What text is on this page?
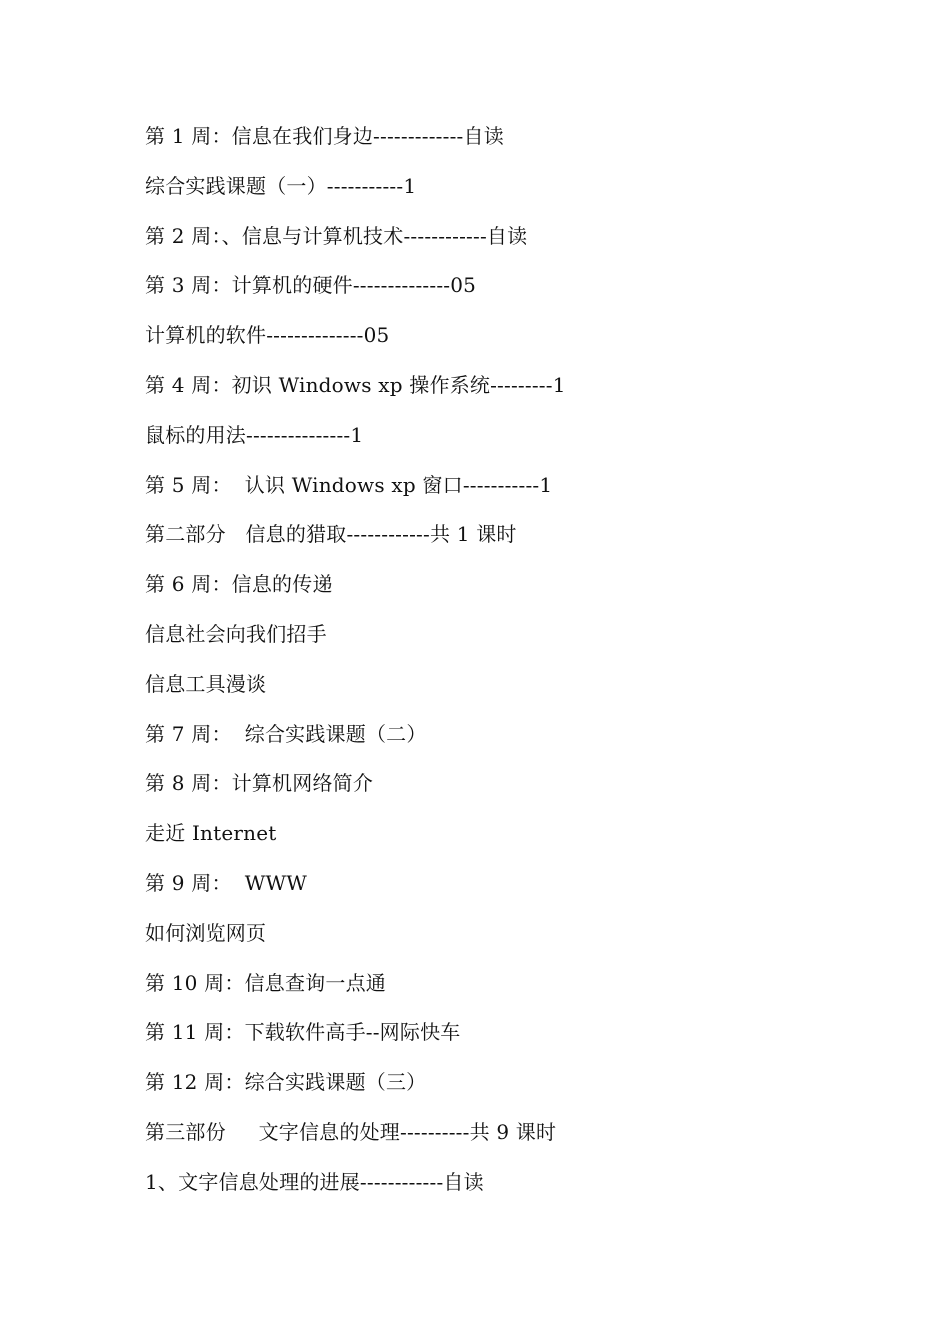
第 1 周：信息在我们身边-------------自读
综合实践课题（一）-----------1
第 2 周：、信息与计算机技术------------自读
第 3 周：计算机的硬件--------------05
计算机的软件--------------05
第 4 周：初识 Windows xp 操作系统---------1
鼠标的用法---------------1
第 5 周：  认识 Windows xp 窗口-----------1
第二部分   信息的猎取------------共 1 课时
第 6 周：信息的传递
信息社会向我们招手
信息工具漫谈
第 7 周：  综合实践课题（二）
第 8 周：计算机网络简介
走近 Internet
第 9 周：  WWW
如何浏览网页
第 10 周：信息查询一点通
第 11 周：下载软件高手--网际快车
第 12 周：综合实践课题（三）
第三部份     文字信息的处理----------共 9 课时
1、文字信息处理的进展------------自读
